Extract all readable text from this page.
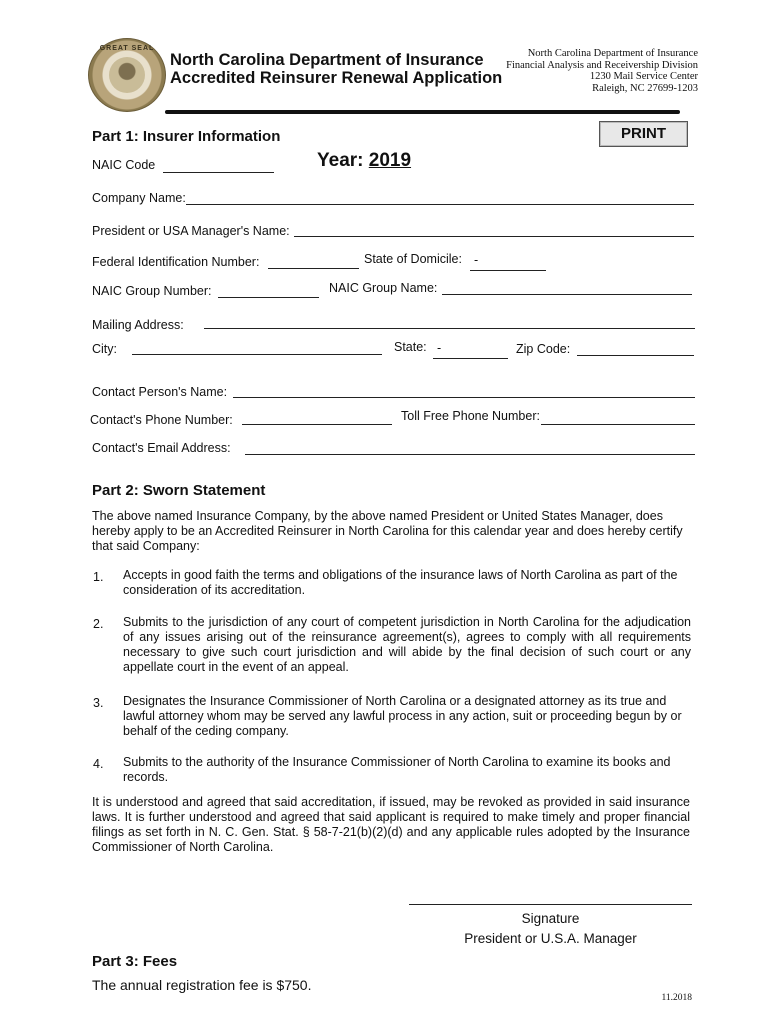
GREAT SEAL
North Carolina Department of Insurance
Accredited Reinsurer Renewal Application
North Carolina Department of Insurance
Financial Analysis and Receivership Division
1230 Mail Service Center
Raleigh, NC 27699-1203
Part 1: Insurer Information	PRINT
NAIC Code	Year: 2019
Company Name:
President or USA Manager's Name:
Federal Identification Number:	State of Domicile: -
NAIC Group Number:	NAIC Group Name:
Mailing Address:
City:	State: -	Zip Code:
Contact Person's Name:
Contact's Phone Number:	Toll Free Phone Number:
Contact's Email Address:
Part 2: Sworn Statement
The above named Insurance Company, by the above named President or United States Manager, does hereby apply to be an Accredited Reinsurer in North Carolina for this calendar year and does hereby certify that said Company:
1. Accepts in good faith the terms and obligations of the insurance laws of North Carolina as part of the consideration of its accreditation.
2. Submits to the jurisdiction of any court of competent jurisdiction in North Carolina for the adjudication of any issues arising out of the reinsurance agreement(s), agrees to comply with all requirements necessary to give such court jurisdiction and will abide by the final decision of such court or any appellate court in the event of an appeal.
3. Designates the Insurance Commissioner of North Carolina or a designated attorney as its true and lawful attorney whom may be served any lawful process in any action, suit or proceeding begun by or behalf of the ceding company.
4. Submits to the authority of the Insurance Commissioner of North Carolina to examine its books and records.
It is understood and agreed that said accreditation, if issued, may be revoked as provided in said insurance laws. It is further understood and agreed that said applicant is required to make timely and proper financial filings as set forth in N. C. Gen. Stat. § 58-7-21(b)(2)(d) and any applicable rules adopted by the Insurance Commissioner of North Carolina.
Signature
President or U.S.A. Manager
Part 3: Fees
The annual registration fee is $750.
11.2018
